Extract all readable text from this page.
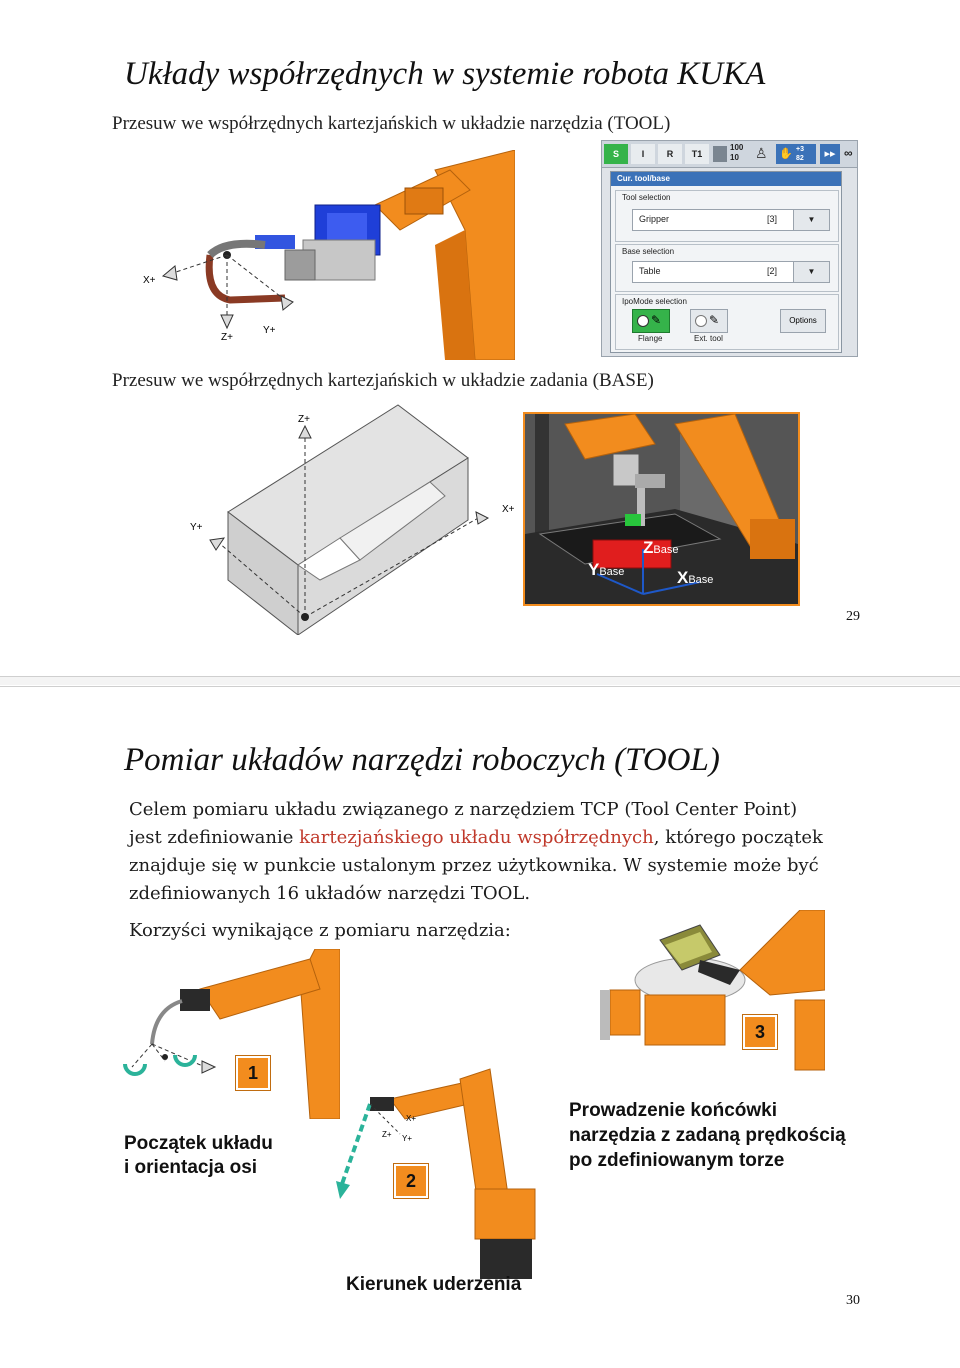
Układy współrzędnych w systemie robota KUKA
Przesuw we współrzędnych kartezjańskich w układzie narzędzia (TOOL)
X+
Z+
Y+
S	I	R	T1
100
10	♙ ✋ +3
82	▸▸ ∞
Cur. tool/base
Tool selection
Gripper	[3]	▼
Base selection
Table	[2]	▼
IpoMode selection
✎	✎
Flange	Ext. tool
Options
Przesuw we współrzędnych kartezjańskich w układzie zadania (BASE)
Z+
Y+
X+
ZBase
YBase	XBase
29
Pomiar układów narzędzi roboczych (TOOL)
Celem pomiaru układu związanego z narzędziem TCP (Tool Center Point)
jest zdefiniowanie kartezjańskiego układu współrzędnych, którego początek
znajduje się w punkcie ustalonym przez użytkownika. W systemie może być
zdefiniowanych 16 układów narzędzi TOOL.
Korzyści wynikające z pomiaru narzędzia:
1
Początek układu
i orientacja osi
Z+ Y+
X+
2
Kierunek uderzenia
3
Prowadzenie końcówki
narzędzia z zadaną prędkością
po zdefiniowanym torze
30
